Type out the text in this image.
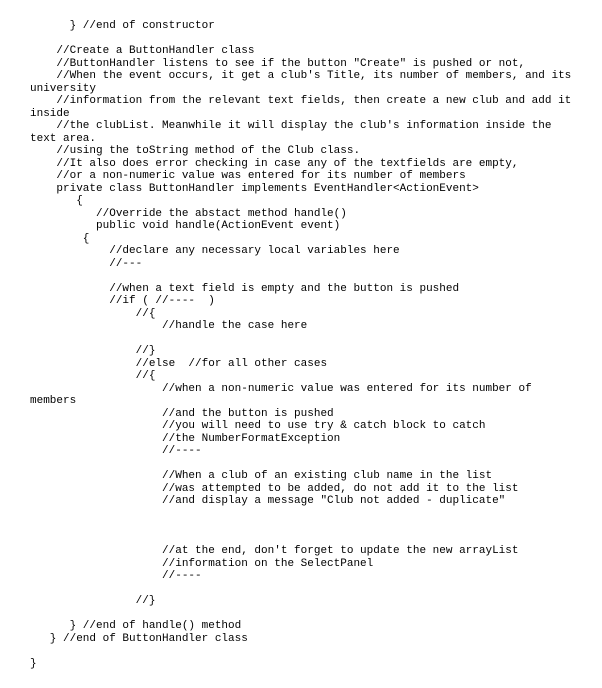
} //end of constructor
//Create a ButtonHandler class
//ButtonHandler listens to see if the button "Create" is pushed or not,
//When the event occurs, it get a club's Title, its number of members, and its
university
//information from the relevant text fields, then create a new club and add it
inside
//the clubList. Meanwhile it will display the club's information inside the
text area.
//using the toString method of the Club class.
//It also does error checking in case any of the textfields are empty,
//or a non-numeric value was entered for its number of members
private class ButtonHandler implements EventHandler<ActionEvent>
{
//Override the abstact method handle()
public void handle(ActionEvent event)
{
//declare any necessary local variables here
//---
//when a text field is empty and the button is pushed
//if ( //----  )
//{
//handle the case here
//}
//else  //for all other cases
//{
//when a non-numeric value was entered for its number of
members
//and the button is pushed
//you will need to use try & catch block to catch
//the NumberFormatException
//----
//When a club of an existing club name in the list
//was attempted to be added, do not add it to the list
//and display a message "Club not added - duplicate"
//at the end, don't forget to update the new arrayList
//information on the SelectPanel
//----
//}
} //end of handle() method
} //end of ButtonHandler class
}
